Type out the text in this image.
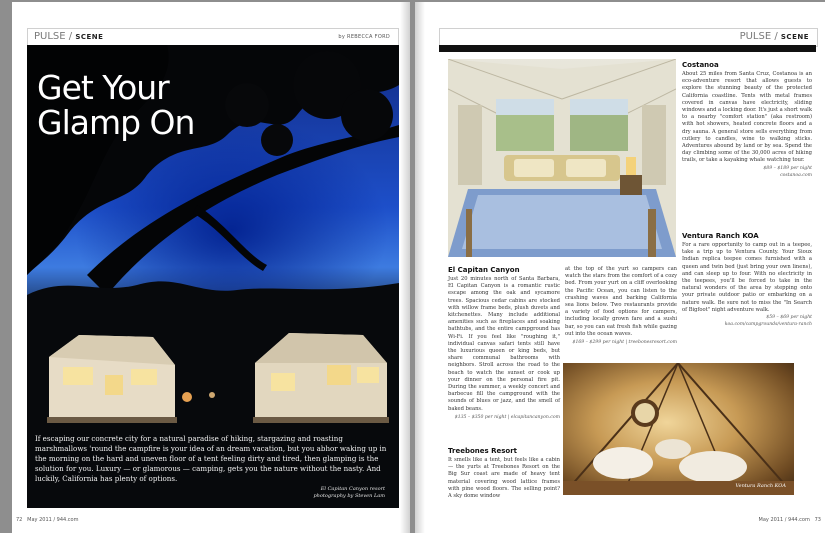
PULSE / SCENE	by REBECCA FORD
Get Your
Glamp On
If escaping our concrete city for a natural paradise of hiking, stargazing and roasting marshmallows 'round the campfire is your idea of an dream vacation, but you abhor waking up in the morning on the hard and uneven floor of a tent feeling dirty and tired, then glamping is the solution for you. Luxury — or glamorous — camping, gets you the nature without the nasty. And luckily, California has plenty of options.
El Capitan Canyon resort
photography by Steven Lam
72 May 2011 / 944.com
PULSE / SCENE
Costanoa

About 25 miles from Santa Cruz, Costanoa is an eco-adventure resort that allows guests to explore the stunning beauty of the protected California coastline. Tents with metal frames covered in canvas have electricity, sliding windows and a locking door. It's just a short walk to a nearby "comfort station" (aka restroom) with hot showers, heated concrete floors and a dry sauna. A general store sells everything from cutlery to candles, wine to walking sticks. Adventures abound by land or by sea. Spend the day climbing some of the 30,000 acres of hiking trails, or take a kayaking whale watching tour.

$89 – $189 per night
costanoa.com
Ventura Ranch KOA

For a rare opportunity to camp out in a teepee, take a trip up to Ventura County. Your Sioux Indian replica teepee comes furnished with a queen and twin bed (just bring your own linens), and can sleep up to four. With no electricity in the teepees, you'll be forced to take in the natural wonders of the area by stepping onto your private outdoor patio or embarking on a nature walk. Be sure not to miss the "In Search of Bigfoot" night adventure walk.

$59 – $69 per night
koa.com/campgrounds/ventura-ranch
El Capitan Canyon

Just 20 minutes north of Santa Barbara, El Capitan Canyon is a romantic rustic escape among the oak and sycamore trees. Spacious cedar cabins are stocked with willow frame beds, plush duvets and kitchenettes. Many include additional amenities such as fireplaces and soaking bathtubs, and the entire campground has Wi-Fi. If you feel like "roughing it," individual canvas safari tents still have the luxurious queen or king beds, but share communal bathrooms with neighbors. Stroll across the road to the beach to watch the sunset or cook up your dinner on the personal fire pit. During the summer, a weekly concert and barbecue fill the campground with the sounds of blues or jazz, and the smell of baked beans.

$135 – $350 per night | elcapitancanyon.com
Treebones Resort

It smells like a tent, but feels like a cabin — the yurts at Treebones Resort on the Big Sur coast are made of heavy tent material covering wood lattice frames with pine wood floors. The selling point? A sky dome window

at the top of the yurt so campers can watch the stars from the comfort of a cozy bed. From your yurt on a cliff overlooking the Pacific Ocean, you can listen to the crashing waves and barking California sea lions below. Two restaurants provide a variety of food options for campers, including locally grown fare and a sushi bar, so you can eat fresh fish while gazing out into the ocean waves.

$169 – $299 per night | treebonesresort.com
Ventura Ranch KOA
May 2011 / 944.com 73
